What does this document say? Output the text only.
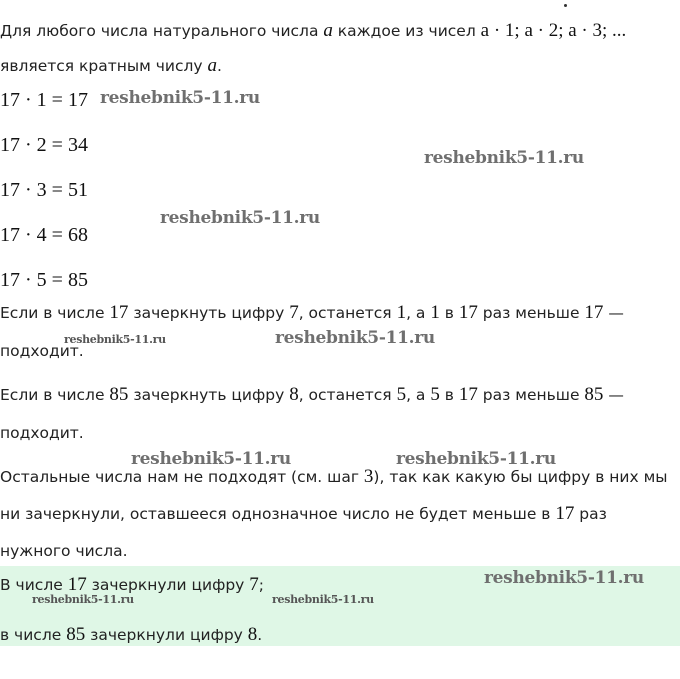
Для любого числа натурального числа a каждое из чисел a · 1; a · 2; a · 3; ...
является кратным числу a.
17 · 1 = 17
17 · 2 = 34
17 · 3 = 51
17 · 4 = 68
17 · 5 = 85
Если в числе 17 зачеркнуть цифру 7, останется 1, а 1 в 17 раз меньше 17 —
подходит.
Если в числе 85 зачеркнуть цифру 8, останется 5, а 5 в 17 раз меньше 85 —
подходит.
Остальные числа нам не подходят (см. шаг 3), так как какую бы цифру в них мы
ни зачеркнули, оставшееся однозначное число не будет меньше в 17 раз
нужного числа.
В числе 17 зачеркнули цифру 7;
в числе 85 зачеркнули цифру 8.
reshebnik5-11.ru
reshebnik5-11.ru
reshebnik5-11.ru
reshebnik5-11.ru	reshebnik5-11.ru
reshebnik5-11.ru	reshebnik5-11.ru
reshebnik5-11.ru
reshebnik5-11.ru	reshebnik5-11.ru
